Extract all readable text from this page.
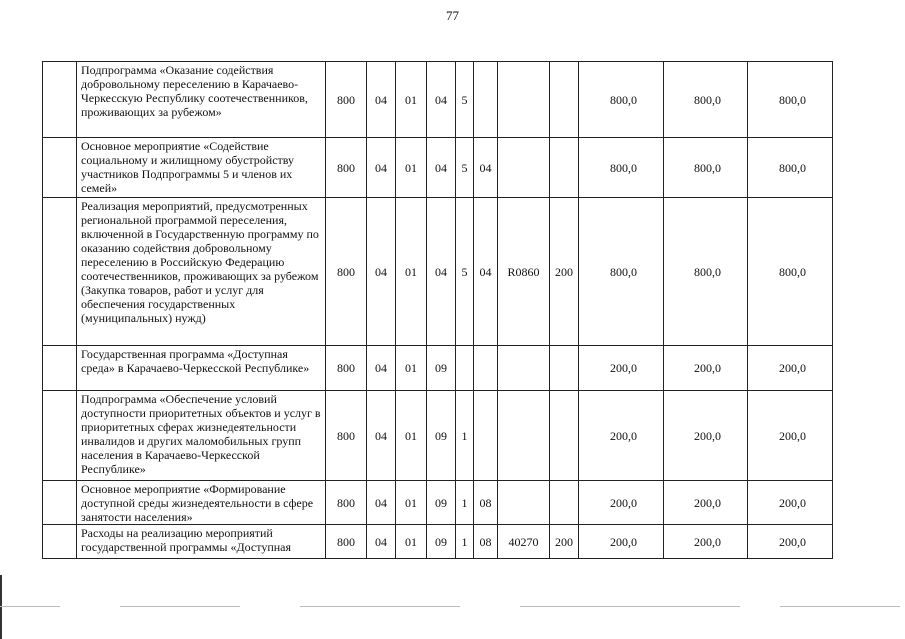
77
	Подпрограмма «Оказание содействия добровольному переселению в Карачаево-Черкесскую Республику соотечественников, проживающих за рубежом»	800	04	01	04	5				800,0	800,0	800,0
	Основное мероприятие «Содействие социальному и жилищному обустройству участников Подпрограммы 5 и членов их семей»	800	04	01	04	5	04			800,0	800,0	800,0
	Реализация мероприятий, предусмотренных региональной программой переселения, включенной в Государственную программу по оказанию содействия добровольному переселению в Российскую Федерацию соотечественников, проживающих за рубежом (Закупка товаров, работ и услуг для обеспечения государственных (муниципальных) нужд)	800	04	01	04	5	04	R0860	200	800,0	800,0	800,0
	Государственная программа «Доступная среда» в Карачаево-Черкесской Республике»	800	04	01	09					200,0	200,0	200,0
	Подпрограмма «Обеспечение условий доступности приоритетных объектов и услуг в приоритетных сферах жизнедеятельности инвалидов и других маломобильных групп населения в Карачаево-Черкесской Республике»	800	04	01	09	1				200,0	200,0	200,0
	Основное мероприятие «Формирование доступной среды жизнедеятельности в сфере занятости населения»	800	04	01	09	1	08			200,0	200,0	200,0
	Расходы на реализацию мероприятий государственной программы «Доступная	800	04	01	09	1	08	40270	200	200,0	200,0	200,0
